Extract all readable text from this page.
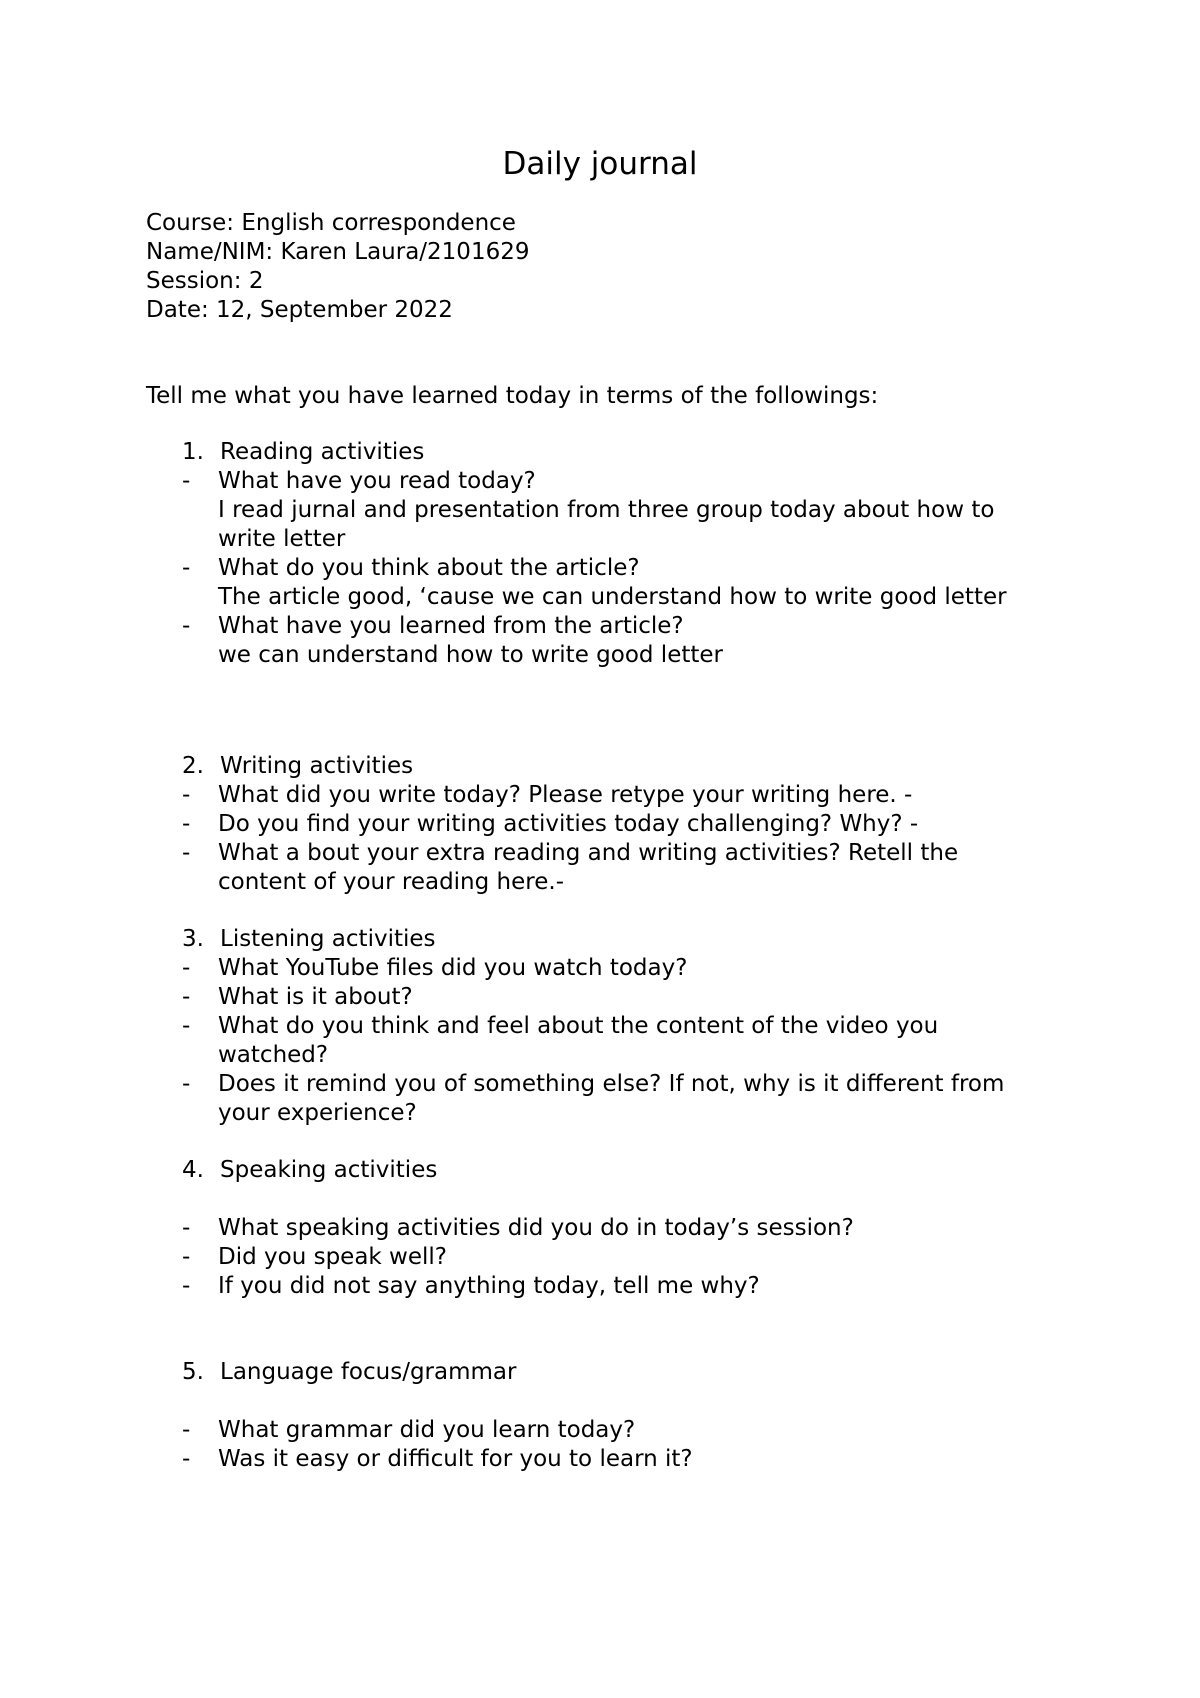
Daily journal
Course: English correspondence
Name/NIM: Karen Laura/2101629
Session: 2
Date: 12, September 2022
Tell me what you have learned today in terms of the followings:
1. Reading activities
- What have you read today?
I read jurnal and presentation from three group today about how to write letter
- What do you think about the article?
The article good, ‘cause we can understand how to write good letter
- What have you learned from the article?
we can understand how to write good letter
2. Writing activities
- What did you write today? Please retype your writing here. -
- Do you find your writing activities today challenging? Why? -
- What a bout your extra reading and writing activities? Retell the content of your reading here.-
3. Listening activities
- What YouTube files did you watch today?
- What is it about?
- What do you think and feel about the content of the video you watched?
- Does it remind you of something else? If not, why is it different from your experience?
4. Speaking activities
- What speaking activities did you do in today’s session?
- Did you speak well?
- If you did not say anything today, tell me why?
5. Language focus/grammar
- What grammar did you learn today?
- Was it easy or difficult for you to learn it?
